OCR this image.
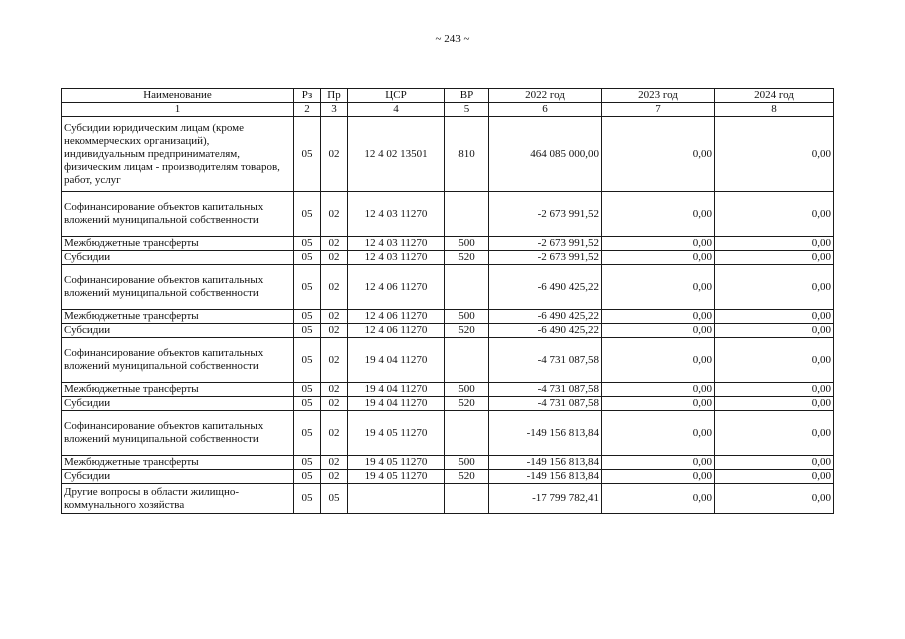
~ 243 ~
Наименование	Рз	Пр	ЦСР	ВР	2022 год	2023 год	2024 год
1	2	3	4	5	6	7	8
Субсидии юридическим лицам (кроме некоммерческих организаций), индивидуальным предпринимателям, физическим лицам - производителям товаров, работ, услуг	05	02	12 4 02 13501	810	464 085 000,00	0,00	0,00
Софинансирование объектов капитальных вложений муниципальной собственности	05	02	12 4 03 11270		-2 673 991,52	0,00	0,00
Межбюджетные трансферты	05	02	12 4 03 11270	500	-2 673 991,52	0,00	0,00
Субсидии	05	02	12 4 03 11270	520	-2 673 991,52	0,00	0,00
Софинансирование объектов капитальных вложений муниципальной собственности	05	02	12 4 06 11270		-6 490 425,22	0,00	0,00
Межбюджетные трансферты	05	02	12 4 06 11270	500	-6 490 425,22	0,00	0,00
Субсидии	05	02	12 4 06 11270	520	-6 490 425,22	0,00	0,00
Софинансирование объектов капитальных вложений муниципальной собственности	05	02	19 4 04 11270		-4 731 087,58	0,00	0,00
Межбюджетные трансферты	05	02	19 4 04 11270	500	-4 731 087,58	0,00	0,00
Субсидии	05	02	19 4 04 11270	520	-4 731 087,58	0,00	0,00
Софинансирование объектов капитальных вложений муниципальной собственности	05	02	19 4 05 11270		-149 156 813,84	0,00	0,00
Межбюджетные трансферты	05	02	19 4 05 11270	500	-149 156 813,84	0,00	0,00
Субсидии	05	02	19 4 05 11270	520	-149 156 813,84	0,00	0,00
Другие вопросы в области жилищно-коммунального хозяйства	05	05			-17 799 782,41	0,00	0,00
